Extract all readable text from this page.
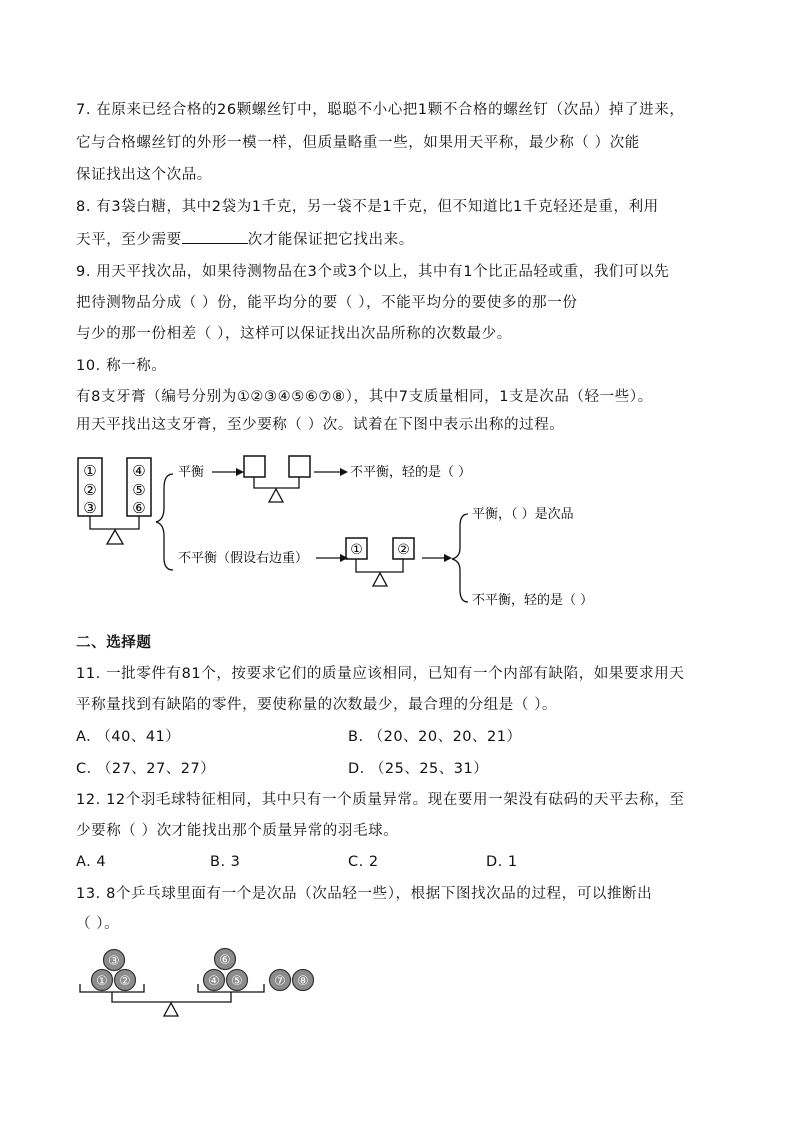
7. 在原来已经合格的26颗螺丝钉中，聪聪不小心把1颗不合格的螺丝钉（次品）掉了进来，
它与合格螺丝钉的外形一模一样，但质量略重一些，如果用天平称，最少称（ ）次能
保证找出这个次品。
8. 有3袋白糖，其中2袋为1千克，另一袋不是1千克，但不知道比1千克轻还是重，利用
天平，至少需要	次才能保证把它找出来。
9. 用天平找次品，如果待测物品在3个或3个以上，其中有1个比正品轻或重，我们可以先
把待测物品分成（ ）份，能平均分的要（ ），不能平均分的要使多的那一份
与少的那一份相差（ ），这样可以保证找出次品所称的次数最少。
10. 称一称。
有8支牙膏（编号分别为①②③④⑤⑥⑦⑧），其中7支质量相同，1支是次品（轻一些）。
用天平找出这支牙膏，至少要称（ ）次。试着在下图中表示出称的过程。
①
②
③
④
⑤
⑥
平衡	不平衡，轻的是（ ）
不平衡（假设右边重）
① ②
平衡，（ ）是次品
不平衡，轻的是（ ）
二、选择题
11. 一批零件有81个，按要求它们的质量应该相同，已知有一个内部有缺陷，如果要求用天
平称量找到有缺陷的零件，要使称量的次数最少，最合理的分组是（ ）。
A. （40、41）	B. （20、20、20、21）
C. （27、27、27）	D. （25、25、31）
12. 12个羽毛球特征相同，其中只有一个质量异常。现在要用一架没有砝码的天平去称，至
少要称（ ）次才能找出那个质量异常的羽毛球。
A. 4	B. 3	C. 2	D. 1
13. 8个乒乓球里面有一个是次品（次品轻一些），根据下图找次品的过程，可以推断出
（ ）。
③
① ②
⑥
④ ⑤ ⑦ ⑧
